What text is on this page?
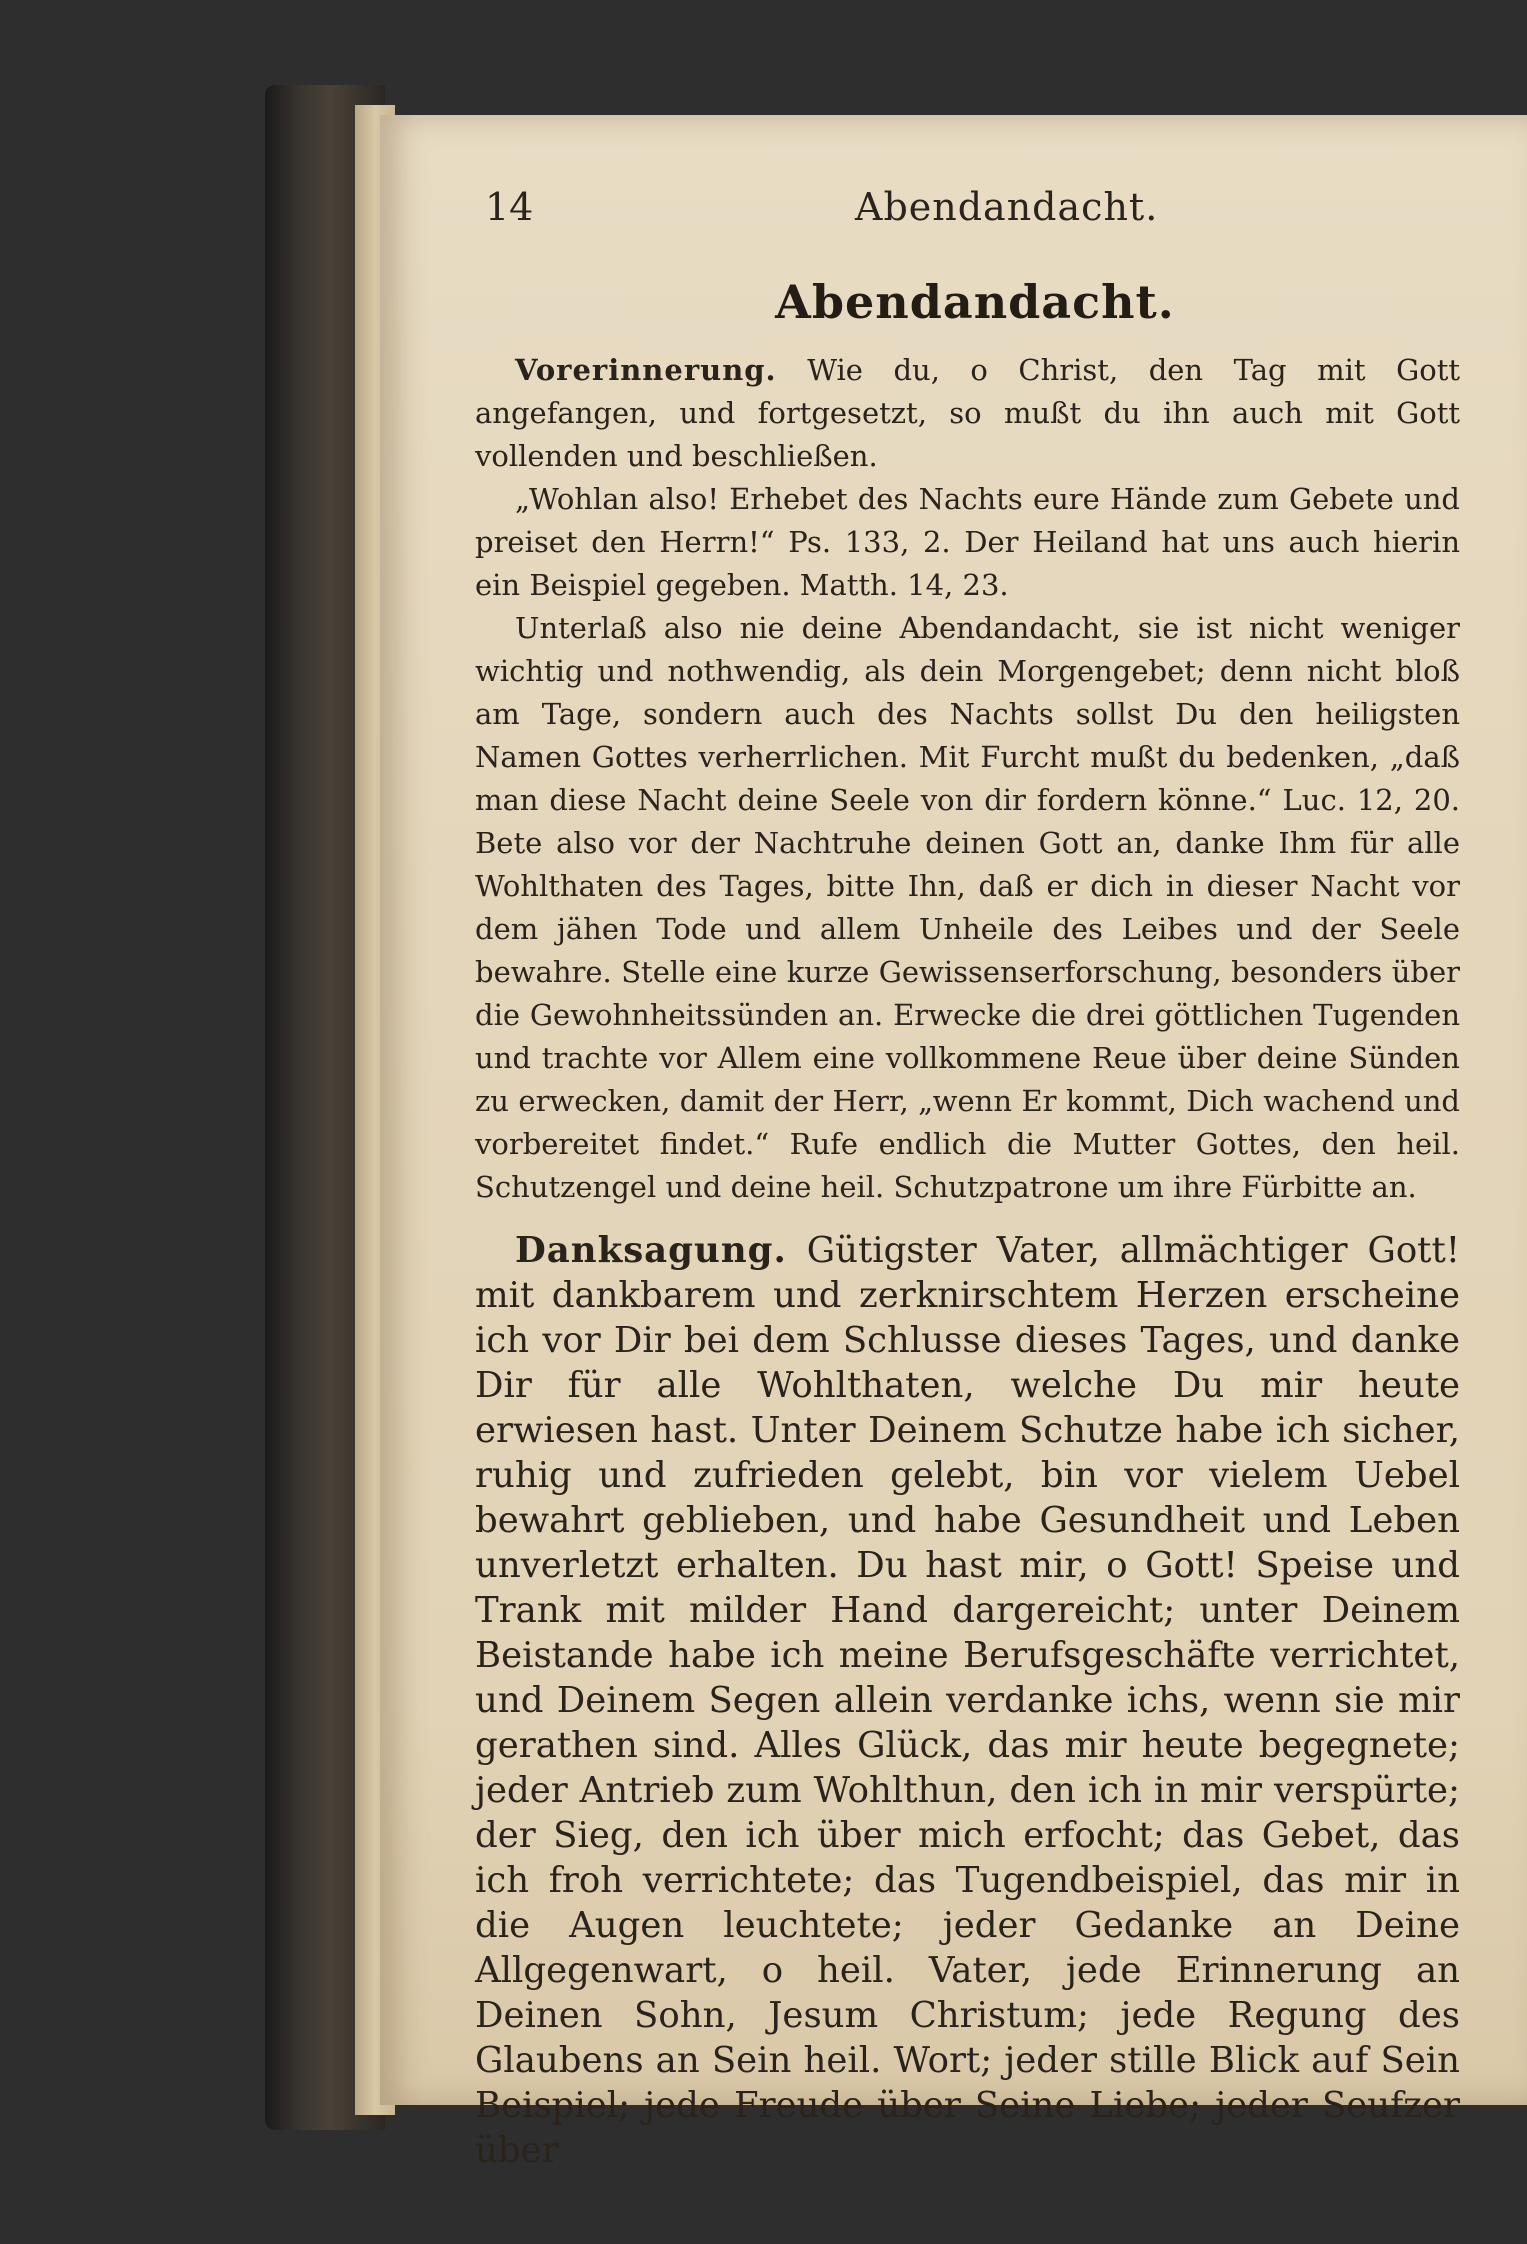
14	Abendandacht.
Abendandacht.

Vorerinnerung. Wie du, o Christ, den Tag mit Gott angefangen, und fortgesetzt, so mußt du ihn auch mit Gott vollenden und beschließen.

„Wohlan also! Erhebet des Nachts eure Hände zum Gebete und preiset den Herrn!“ Ps. 133, 2. Der Heiland hat uns auch hierin ein Beispiel gegeben. Matth. 14, 23.

Unterlaß also nie deine Abendandacht, sie ist nicht weniger wichtig und nothwendig, als dein Morgengebet; denn nicht bloß am Tage, sondern auch des Nachts sollst Du den heiligsten Namen Gottes verherrlichen. Mit Furcht mußt du bedenken, „daß man diese Nacht deine Seele von dir fordern könne.“ Luc. 12, 20. Bete also vor der Nachtruhe deinen Gott an, danke Ihm für alle Wohlthaten des Tages, bitte Ihn, daß er dich in dieser Nacht vor dem jähen Tode und allem Unheile des Leibes und der Seele bewahre. Stelle eine kurze Gewissenserforschung, besonders über die Gewohnheitssünden an. Erwecke die drei göttlichen Tugenden und trachte vor Allem eine vollkommene Reue über deine Sünden zu erwecken, damit der Herr, „wenn Er kommt, Dich wachend und vorbereitet findet.“ Rufe endlich die Mutter Gottes, den heil. Schutzengel und deine heil. Schutzpatrone um ihre Fürbitte an.

Danksagung. Gütigster Vater, allmächtiger Gott! mit dankbarem und zerknirschtem Herzen erscheine ich vor Dir bei dem Schlusse dieses Tages, und danke Dir für alle Wohlthaten, welche Du mir heute erwiesen hast. Unter Deinem Schutze habe ich sicher, ruhig und zufrieden gelebt, bin vor vielem Uebel bewahrt geblieben, und habe Gesundheit und Leben unverletzt erhalten. Du hast mir, o Gott! Speise und Trank mit milder Hand dargereicht; unter Deinem Beistande habe ich meine Berufsgeschäfte verrichtet, und Deinem Segen allein verdanke ichs, wenn sie mir gerathen sind. Alles Glück, das mir heute begegnete; jeder Antrieb zum Wohlthun, den ich in mir verspürte; der Sieg, den ich über mich erfocht; das Gebet, das ich froh verrichtete; das Tugendbeispiel, das mir in die Augen leuchtete; jeder Gedanke an Deine Allgegenwart, o heil. Vater, jede Erinnerung an Deinen Sohn, Jesum Christum; jede Regung des Glaubens an Sein heil. Wort; jeder stille Blick auf Sein Beispiel; jede Freude über Seine Liebe; jeder Seufzer über
